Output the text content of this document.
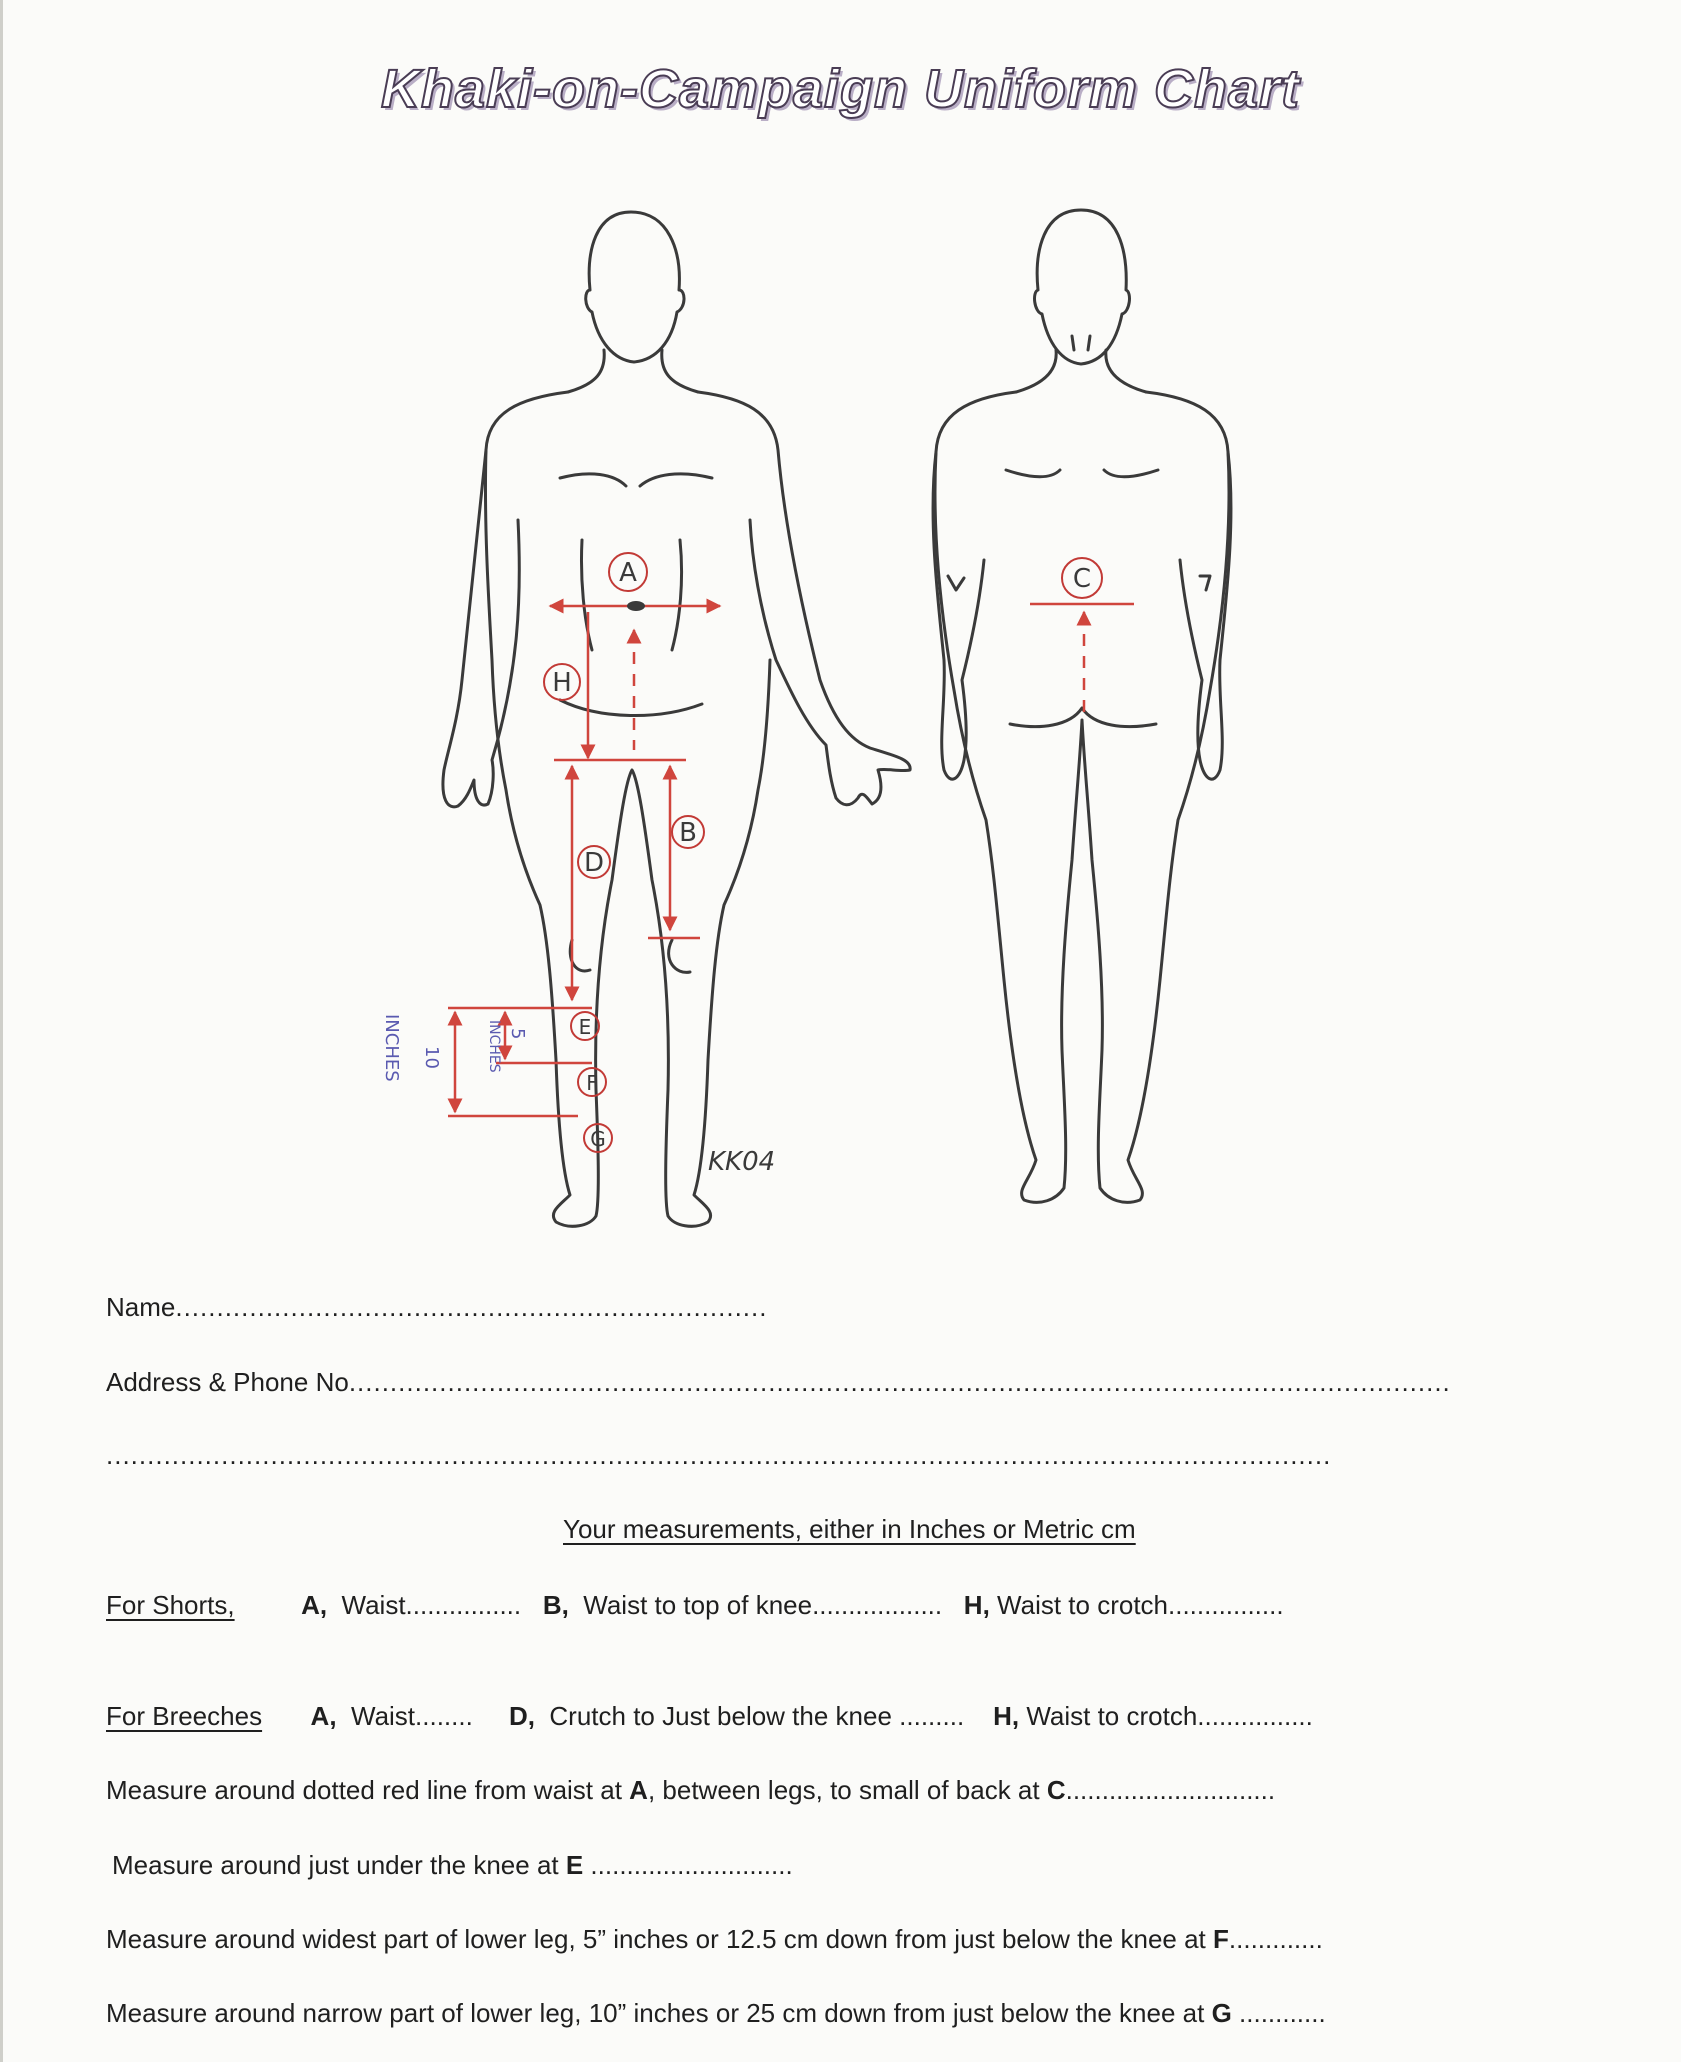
Khaki-on-Campaign Uniform Chart
A
H
B
D
E
F
G
C
10
INCHES	5
INCHES
KK04
Name........................................................................
Address & Phone No......................................................................................................................................
.....................................................................................................................................................
Your measurements, either in Inches or Metric cm
For Shorts,	A, Waist................ B, Waist to top of knee.................. H, Waist to crotch................
For Breeches A, Waist........ D, Crutch to Just below the knee ......... H, Waist to crotch................
Measure around dotted red line from waist at A, between legs, to small of back at C.............................
Measure around just under the knee at E ............................
Measure around widest part of lower leg, 5” inches or 12.5 cm down from just below the knee at F.............
Measure around narrow part of lower leg, 10” inches or 25 cm down from just below the knee at G ............
